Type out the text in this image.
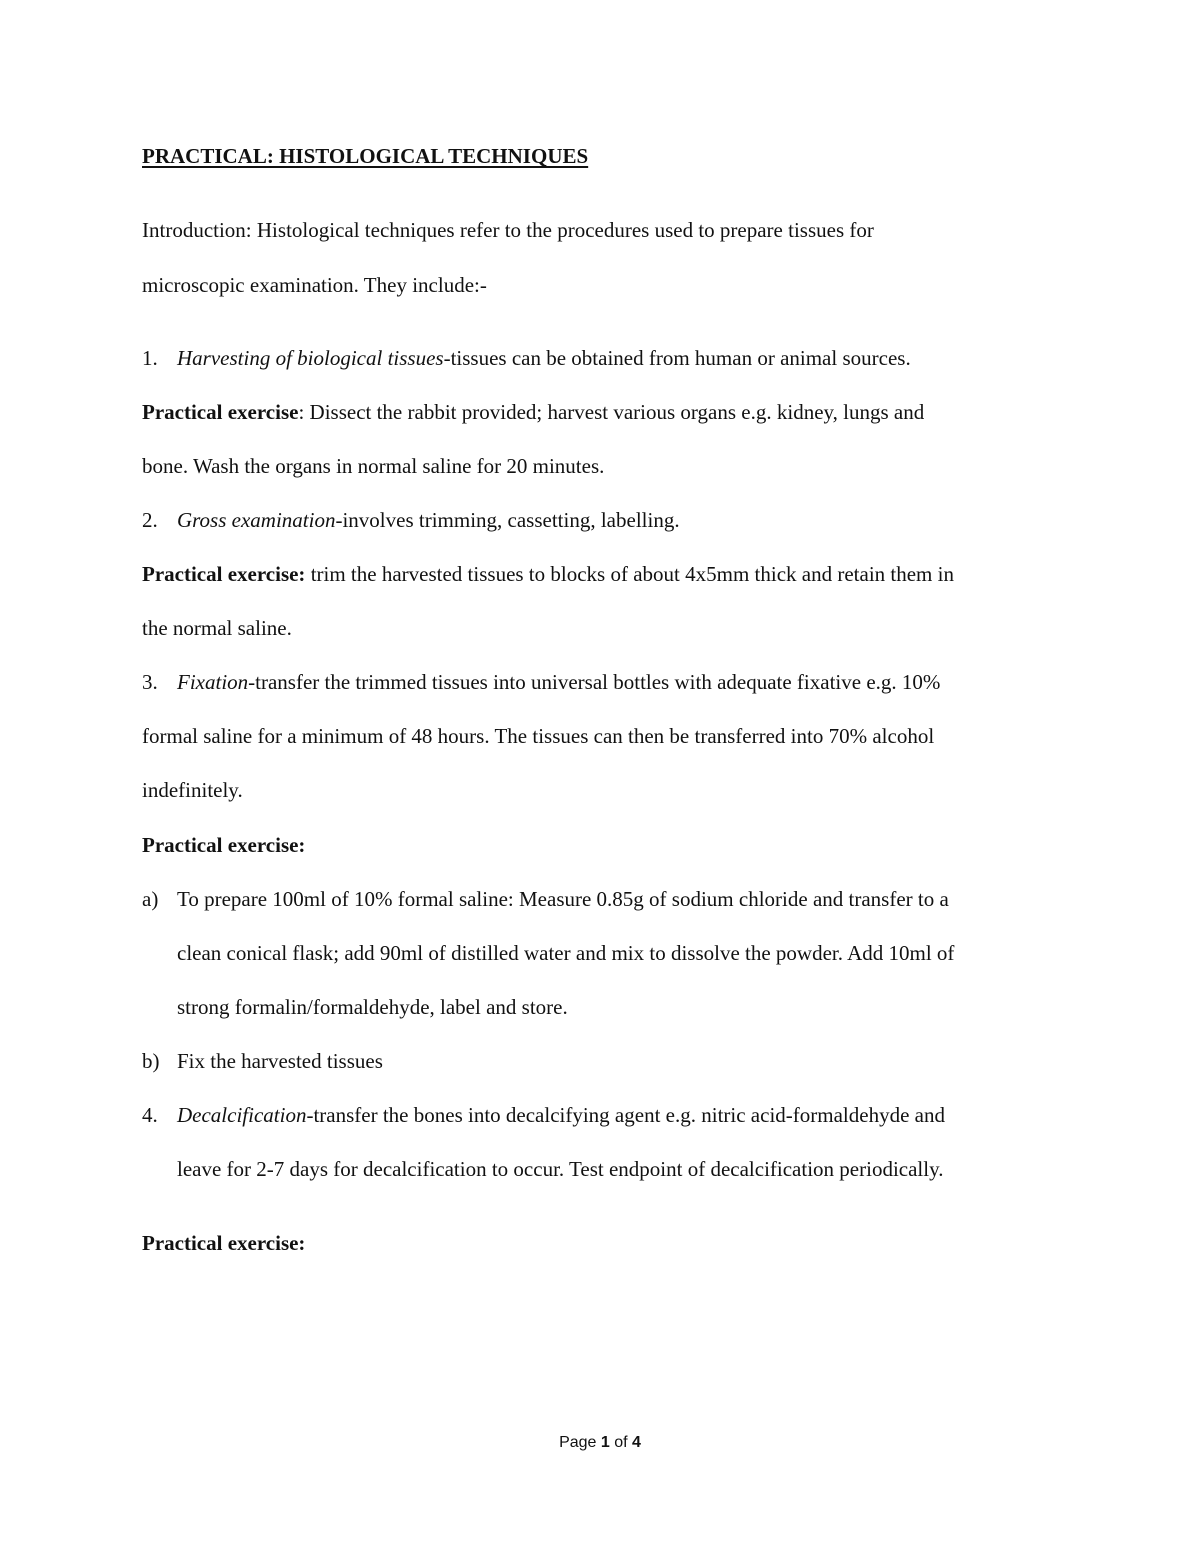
PRACTICAL: HISTOLOGICAL TECHNIQUES
Introduction: Histological techniques refer to the procedures used to prepare tissues for
microscopic examination. They include:-
1. Harvesting of biological tissues-tissues can be obtained from human or animal sources.
Practical exercise: Dissect the rabbit provided; harvest various organs e.g. kidney, lungs and
bone. Wash the organs in normal saline for 20 minutes.
2. Gross examination-involves trimming, cassetting, labelling.
Practical exercise: trim the harvested tissues to blocks of about 4x5mm thick and retain them in
the normal saline.
3. Fixation-transfer the trimmed tissues into universal bottles with adequate fixative e.g. 10%
formal saline for a minimum of 48 hours. The tissues can then be transferred into 70% alcohol
indefinitely.
Practical exercise:
a) To prepare 100ml of 10% formal saline: Measure 0.85g of sodium chloride and transfer to a
clean conical flask; add 90ml of distilled water and mix to dissolve the powder. Add 10ml of
strong formalin/formaldehyde, label and store.
b) Fix the harvested tissues
4. Decalcification-transfer the bones into decalcifying agent e.g. nitric acid-formaldehyde and
leave for 2-7 days for decalcification to occur. Test endpoint of decalcification periodically.
Practical exercise:
Page 1 of 4
